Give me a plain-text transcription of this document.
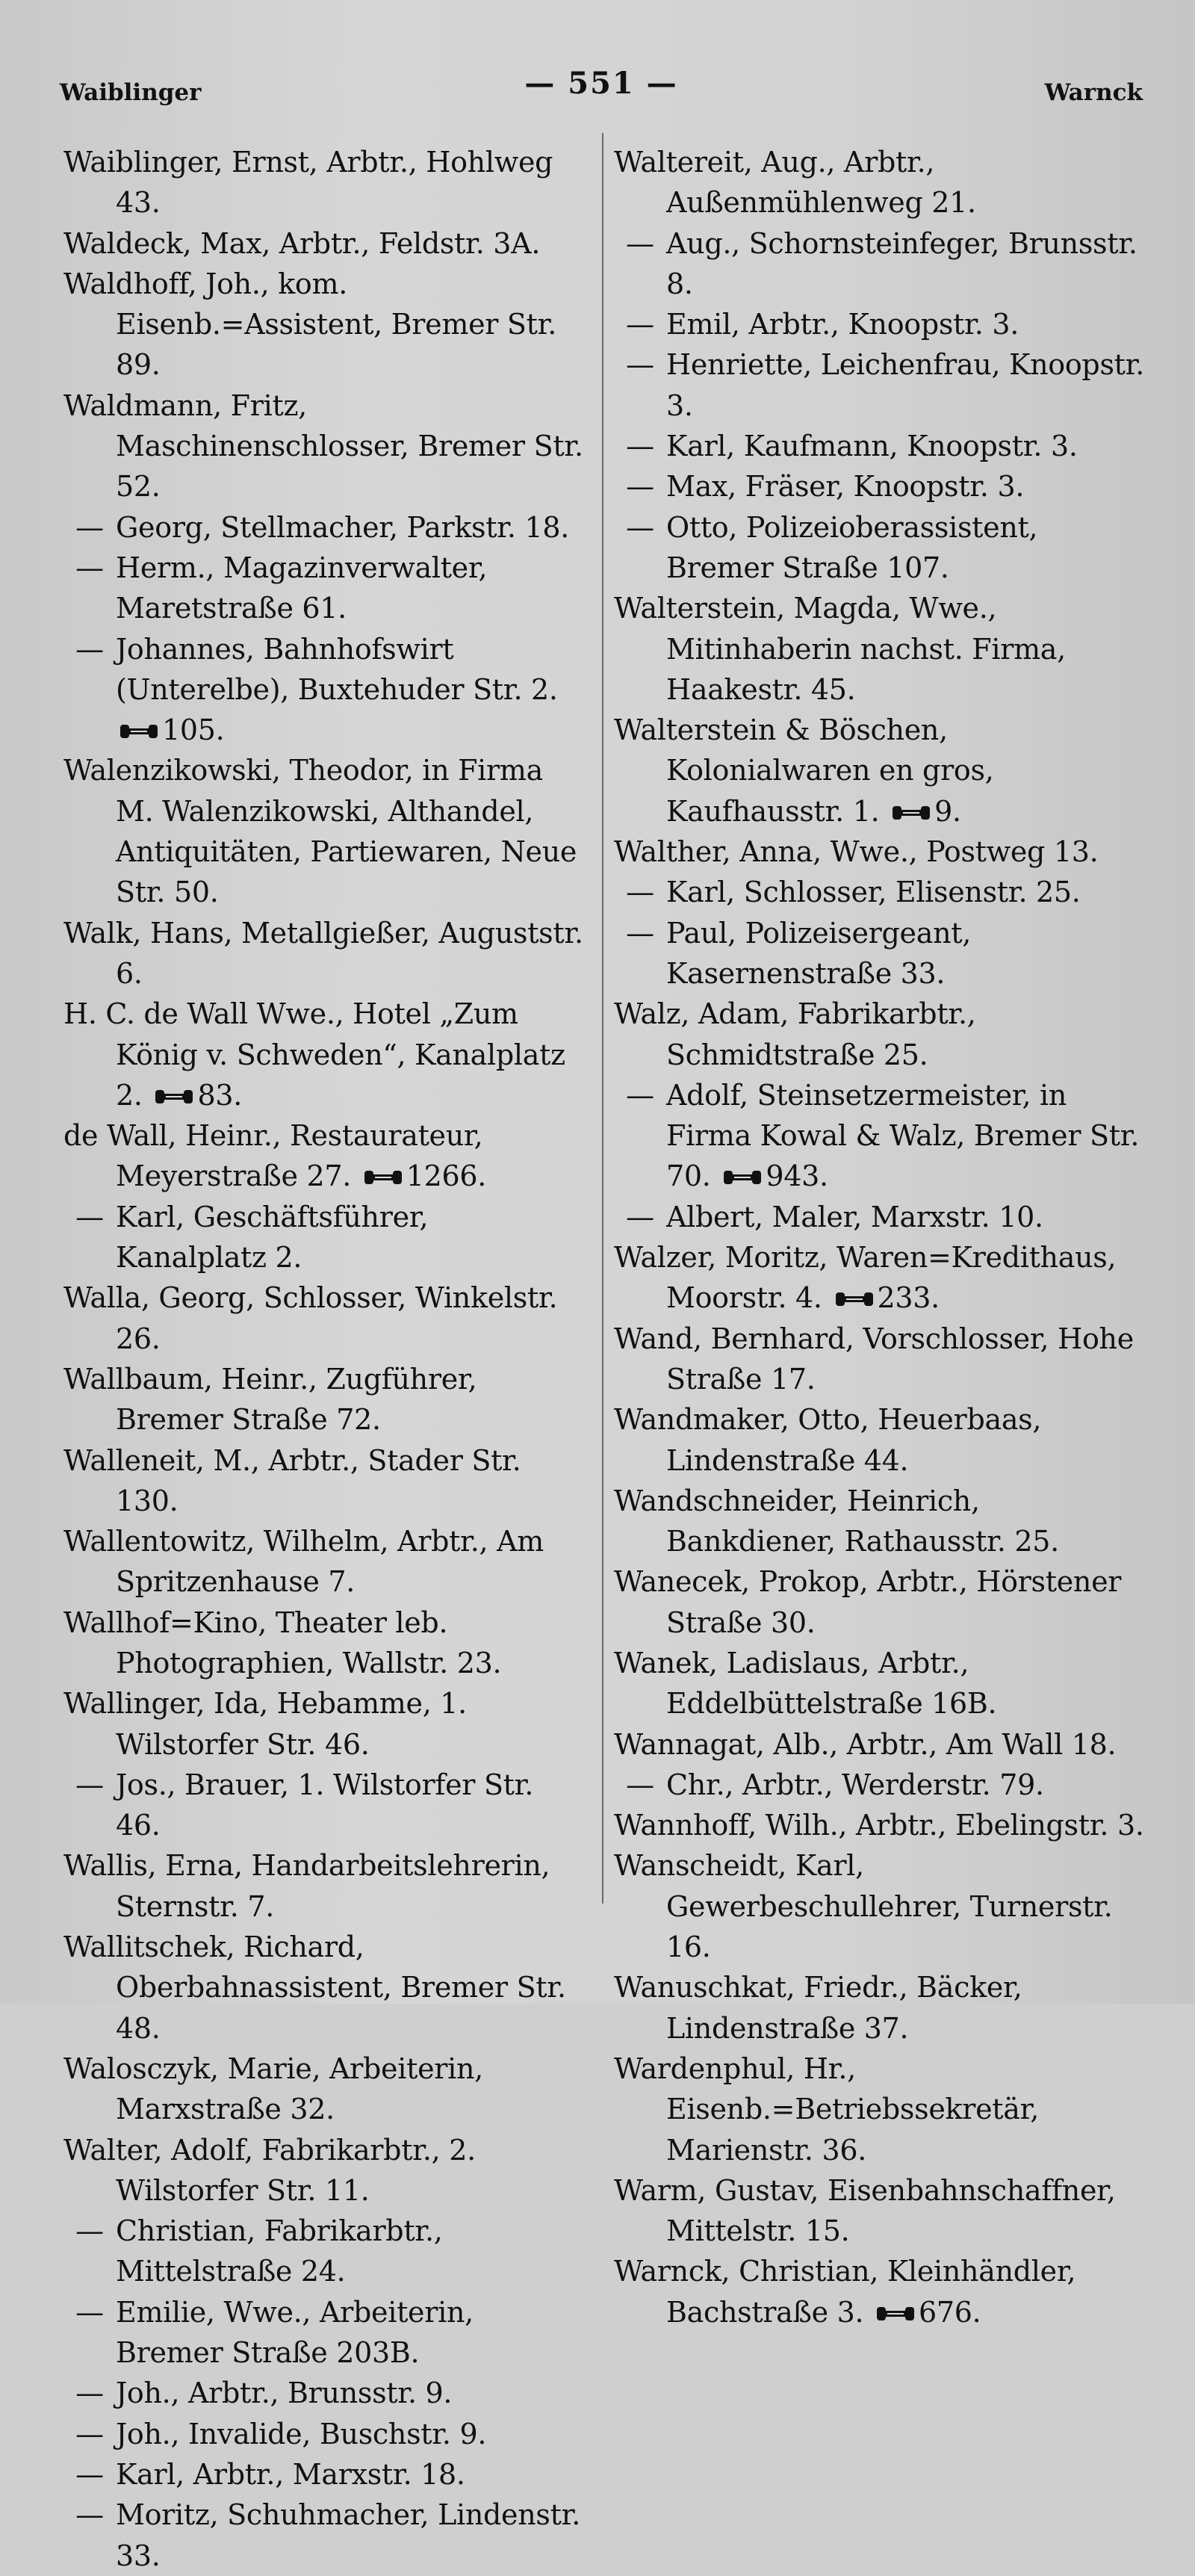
Waiblinger	— 551 —	Warnck
Waiblinger, Ernst, Arbtr., Hohlweg 43.
Waldeck, Max, Arbtr., Feldstr. 3A.
Waldhoff, Joh., kom. Eisenb.=Assistent, Bremer Str. 89.
Waldmann, Fritz, Maschinenschlosser, Bremer Str. 52.
— Georg, Stellmacher, Parkstr. 18.
— Herm., Magazinverwalter, Maretstraße 61.
— Johannes, Bahnhofswirt (Unterelbe), Buxtehuder Str. 2. 105.
Walenzikowski, Theodor, in Firma M. Walenzikowski, Althandel, Antiquitäten, Partiewaren, Neue Str. 50.
Walk, Hans, Metallgießer, Auguststr. 6.
H. C. de Wall Wwe., Hotel „Zum König v. Schweden“, Kanalplatz 2. 83.
de Wall, Heinr., Restaurateur, Meyerstraße 27. 1266.
— Karl, Geschäftsführer, Kanalplatz 2.
Walla, Georg, Schlosser, Winkelstr. 26.
Wallbaum, Heinr., Zugführer, Bremer Straße 72.
Walleneit, M., Arbtr., Stader Str. 130.
Wallentowitz, Wilhelm, Arbtr., Am Spritzenhause 7.
Wallhof=Kino, Theater leb. Photographien, Wallstr. 23.
Wallinger, Ida, Hebamme, 1. Wilstorfer Str. 46.
— Jos., Brauer, 1. Wilstorfer Str. 46.
Wallis, Erna, Handarbeitslehrerin, Sternstr. 7.
Wallitschek, Richard, Oberbahnassistent, Bremer Str. 48.
Walosczyk, Marie, Arbeiterin, Marxstraße 32.
Walter, Adolf, Fabrikarbtr., 2. Wilstorfer Str. 11.
— Christian, Fabrikarbtr., Mittelstraße 24.
— Emilie, Wwe., Arbeiterin, Bremer Straße 203B.
— Joh., Arbtr., Brunsstr. 9.
— Joh., Invalide, Buschstr. 9.
— Karl, Arbtr., Marxstr. 18.
— Moritz, Schuhmacher, Lindenstr. 33.
Waltereit, Aug., Arbtr., Außenmühlenweg 21.
— Aug., Schornsteinfeger, Brunsstr. 8.
— Emil, Arbtr., Knoopstr. 3.
— Henriette, Leichenfrau, Knoopstr. 3.
— Karl, Kaufmann, Knoopstr. 3.
— Max, Fräser, Knoopstr. 3.
— Otto, Polizeioberassistent, Bremer Straße 107.
Walterstein, Magda, Wwe., Mitinhaberin nachst. Firma, Haakestr. 45.
Walterstein & Böschen, Kolonialwaren en gros, Kaufhausstr. 1. 9.
Walther, Anna, Wwe., Postweg 13.
— Karl, Schlosser, Elisenstr. 25.
— Paul, Polizeisergeant, Kasernenstraße 33.
Walz, Adam, Fabrikarbtr., Schmidtstraße 25.
— Adolf, Steinsetzermeister, in Firma Kowal & Walz, Bremer Str. 70. 943.
— Albert, Maler, Marxstr. 10.
Walzer, Moritz, Waren=Kredithaus, Moorstr. 4. 233.
Wand, Bernhard, Vorschlosser, Hohe Straße 17.
Wandmaker, Otto, Heuerbaas, Lindenstraße 44.
Wandschneider, Heinrich, Bankdiener, Rathausstr. 25.
Wanecek, Prokop, Arbtr., Hörstener Straße 30.
Wanek, Ladislaus, Arbtr., Eddelbüttelstraße 16B.
Wannagat, Alb., Arbtr., Am Wall 18.
— Chr., Arbtr., Werderstr. 79.
Wannhoff, Wilh., Arbtr., Ebelingstr. 3.
Wanscheidt, Karl, Gewerbeschullehrer, Turnerstr. 16.
Wanuschkat, Friedr., Bäcker, Lindenstraße 37.
Wardenphul, Hr., Eisenb.=Betriebssekretär, Marienstr. 36.
Warm, Gustav, Eisenbahnschaffner, Mittelstr. 15.
Warnck, Christian, Kleinhändler, Bachstraße 3. 676.
